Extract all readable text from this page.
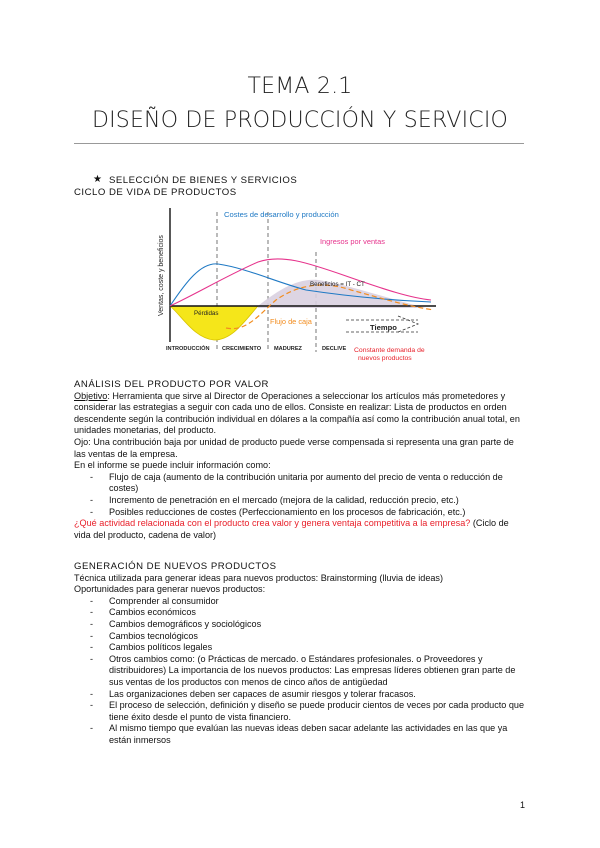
TEMA 2.1
DISEÑO DE PRODUCCIÓN Y SERVICIO
★ SELECCIÓN DE BIENES Y SERVICIOS
CICLO DE VIDA DE PRODUCTOS
Costes de desarrollo y producción
Ingresos por ventas
Beneficios = IT - CT
Pérdidas
Flujo de caja
Tiempo
Ventas, coste y beneficios
INTRODUCCIÓN CRECIMIENTO MADUREZ	DECLIVE Constante demanda de
nuevos productos

ANÁLISIS DEL PRODUCTO POR VALOR

Objetivo: Herramienta que sirve al Director de Operaciones a seleccionar los artículos más prometedores y considerar las estrategias a seguir con cada uno de ellos. Consiste en realizar: Lista de productos en orden descendente según la contribución individual en dólares a la compañía así como la contribución anual total, en unidades monetarias, del producto.

Ojo: Una contribución baja por unidad de producto puede verse compensada si representa una gran parte de las ventas de la empresa.

En el informe se puede incluir información como:

- Flujo de caja (aumento de la contribución unitaria por aumento del precio de venta o reducción de costes)
- Incremento de penetración en el mercado (mejora de la calidad, reducción precio, etc.)
- Posibles reducciones de costes (Perfeccionamiento en los procesos de fabricación, etc.)

¿Qué actividad relacionada con el producto crea valor y genera ventaja competitiva a la empresa? (Ciclo de vida del producto, cadena de valor)

GENERACIÓN DE NUEVOS PRODUCTOS

Técnica utilizada para generar ideas para nuevos productos: Brainstorming (lluvia de ideas)

Oportunidades para generar nuevos productos:

- Comprender al consumidor
- Cambios económicos
- Cambios demográficos y sociológicos
- Cambios tecnológicos
- Cambios políticos legales
- Otros cambios como: (o Prácticas de mercado. o Estándares profesionales. o Proveedores y distribuidores) La importancia de los nuevos productos: Las empresas líderes obtienen gran parte de sus ventas de los productos con menos de cinco años de antigüedad
- Las organizaciones deben ser capaces de asumir riesgos y tolerar fracasos.
- El proceso de selección, definición y diseño se puede producir cientos de veces por cada producto que tiene éxito desde el punto de vista financiero.
- Al mismo tiempo que evalúan las nuevas ideas deben sacar adelante las actividades en las que ya están inmersos
1
